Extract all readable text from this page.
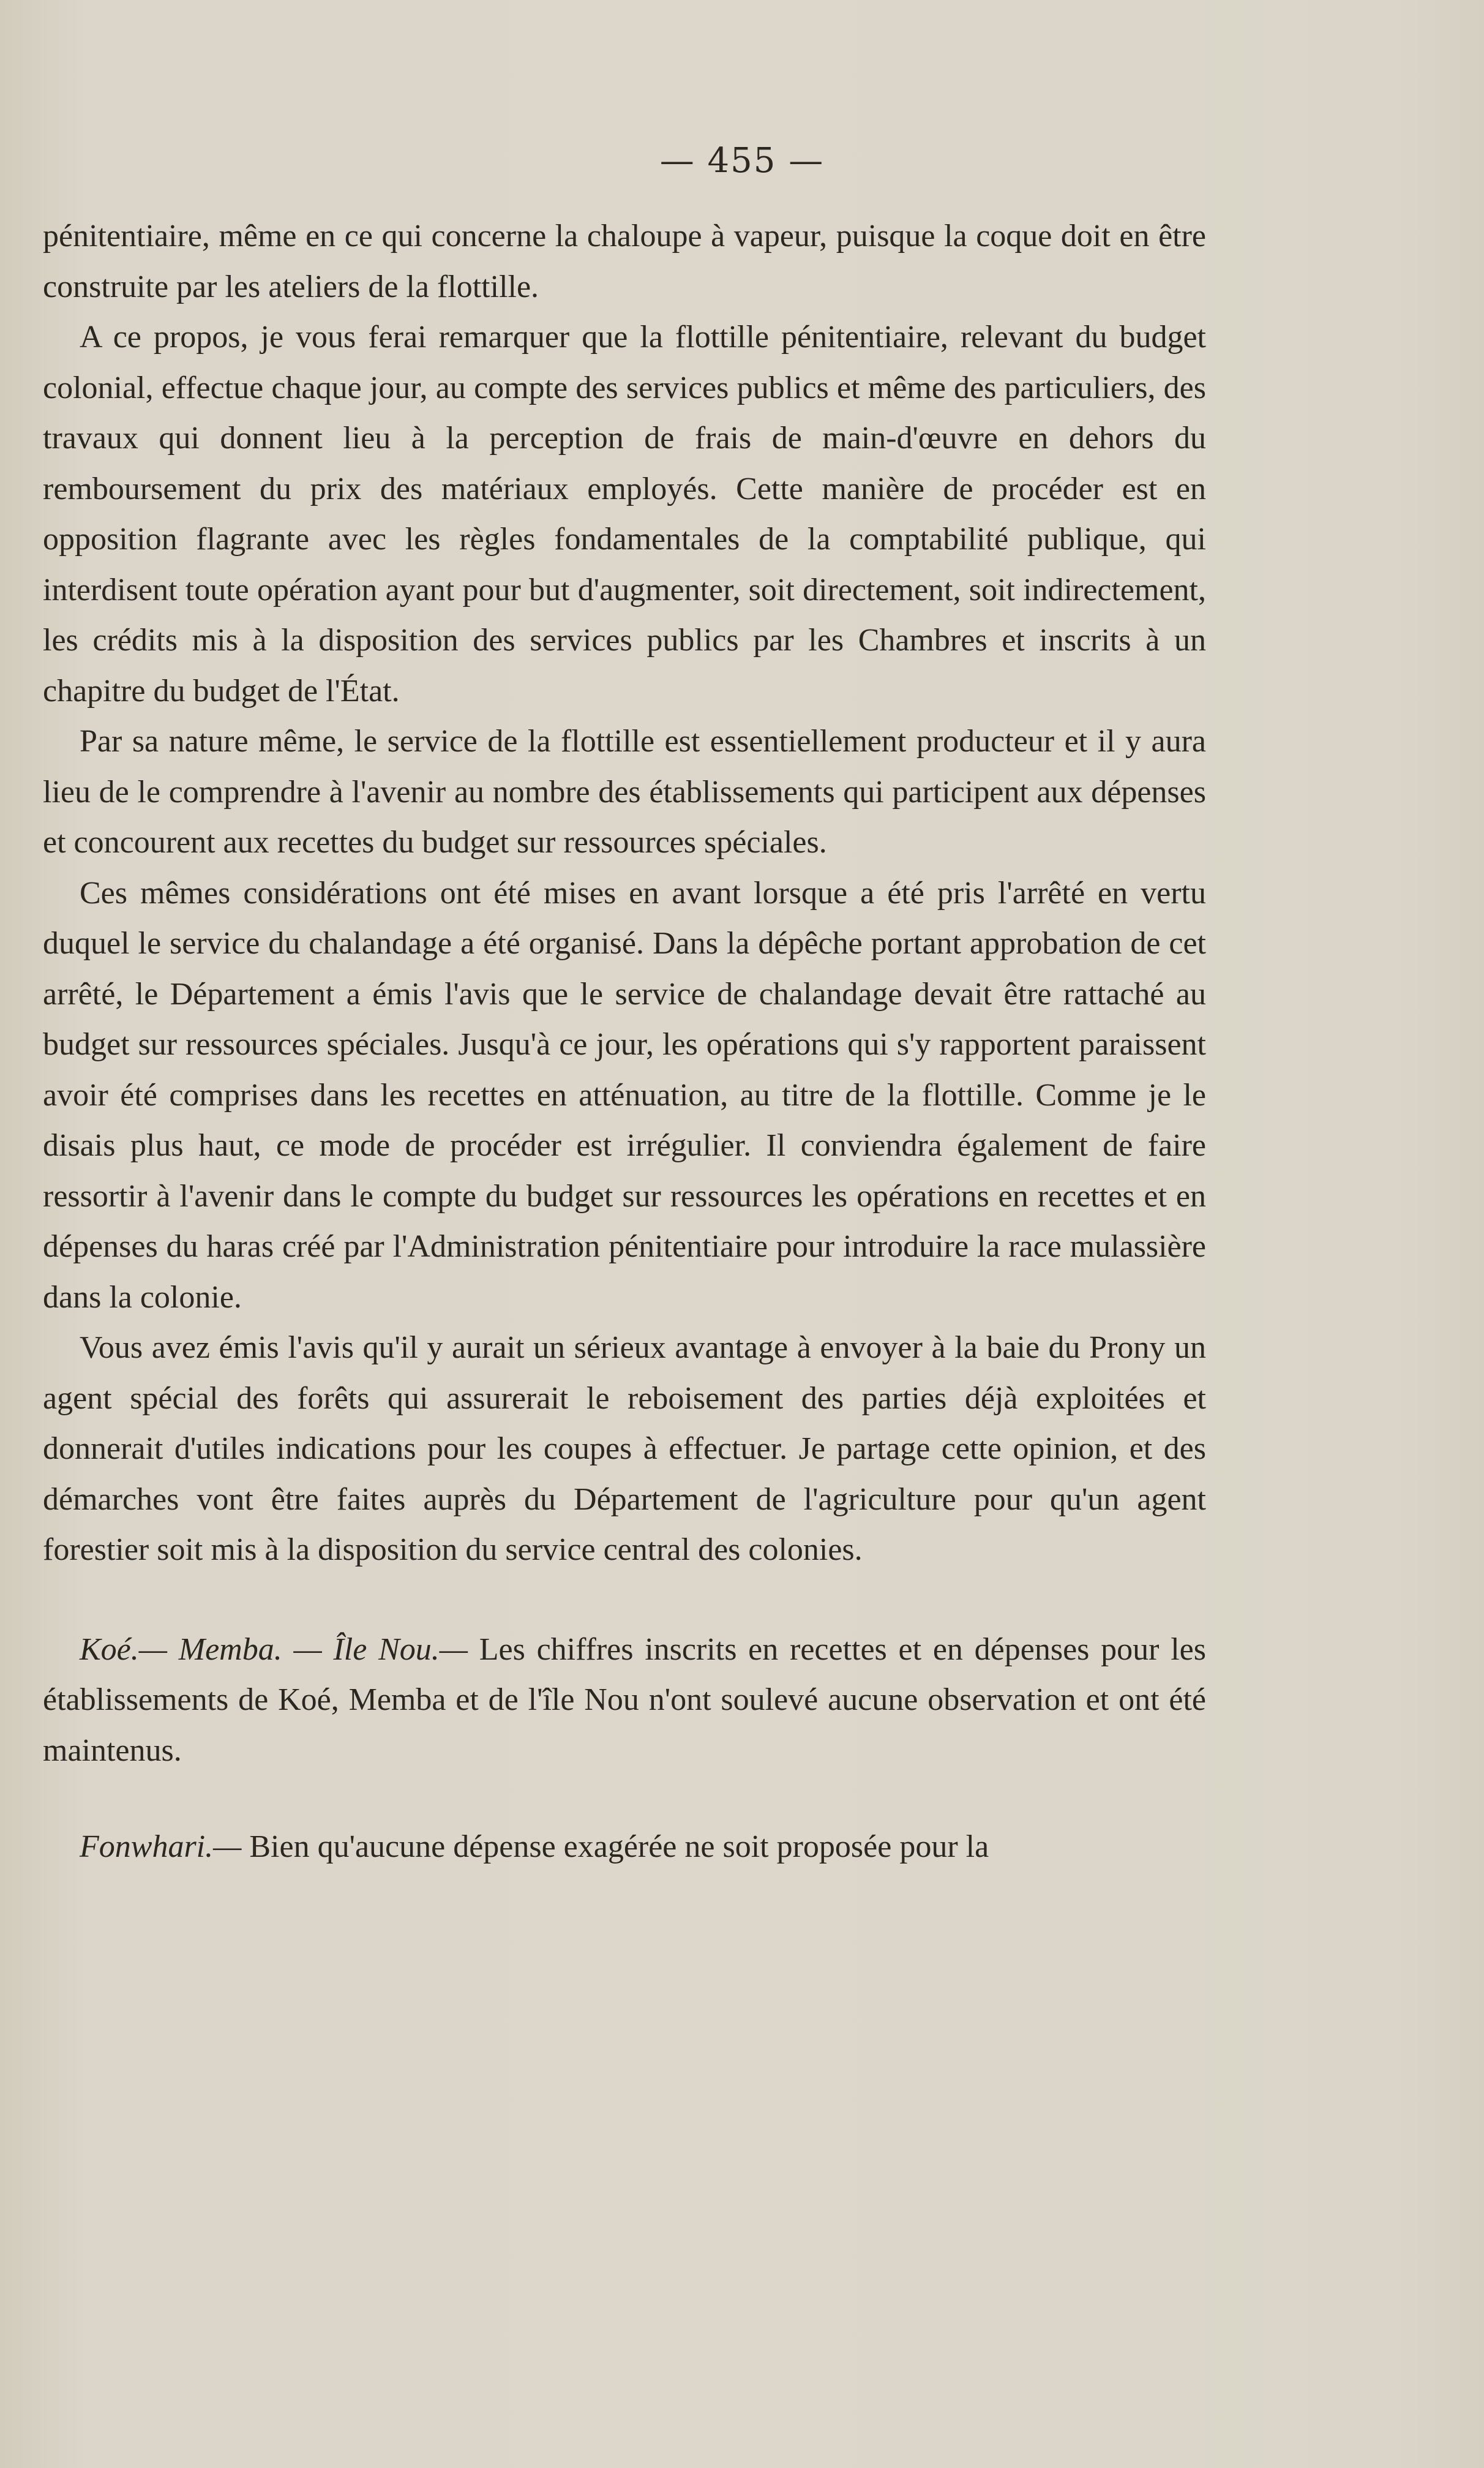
— 455 —

pénitentiaire, même en ce qui concerne la chaloupe à vapeur, puisque la coque doit en être construite par les ateliers de la flottille.

A ce propos, je vous ferai remarquer que la flottille pénitentiaire, relevant du budget colonial, effectue chaque jour, au compte des services publics et même des particuliers, des travaux qui donnent lieu à la perception de frais de main-d'œuvre en dehors du remboursement du prix des matériaux employés. Cette manière de procéder est en opposition flagrante avec les règles fondamentales de la comptabilité publique, qui interdisent toute opération ayant pour but d'augmenter, soit directement, soit indirectement, les crédits mis à la disposition des services publics par les Chambres et inscrits à un chapitre du budget de l'État.

Par sa nature même, le service de la flottille est essentiellement producteur et il y aura lieu de le comprendre à l'avenir au nombre des établissements qui participent aux dépenses et concourent aux recettes du budget sur ressources spéciales.

Ces mêmes considérations ont été mises en avant lorsque a été pris l'arrêté en vertu duquel le service du chalandage a été organisé. Dans la dépêche portant approbation de cet arrêté, le Département a émis l'avis que le service de chalandage devait être rattaché au budget sur ressources spéciales. Jusqu'à ce jour, les opérations qui s'y rapportent paraissent avoir été comprises dans les recettes en atténuation, au titre de la flottille. Comme je le disais plus haut, ce mode de procéder est irrégulier. Il conviendra également de faire ressortir à l'avenir dans le compte du budget sur ressources les opérations en recettes et en dépenses du haras créé par l'Administration pénitentiaire pour introduire la race mulassière dans la colonie.

Vous avez émis l'avis qu'il y aurait un sérieux avantage à envoyer à la baie du Prony un agent spécial des forêts qui assurerait le reboisement des parties déjà exploitées et donnerait d'utiles indications pour les coupes à effectuer. Je partage cette opinion, et des démarches vont être faites auprès du Département de l'agriculture pour qu'un agent forestier soit mis à la disposition du service central des colonies.

Koé.— Memba. — Île Nou.— Les chiffres inscrits en recettes et en dépenses pour les établissements de Koé, Memba et de l'île Nou n'ont soulevé aucune observation et ont été maintenus.

Fonwhari.— Bien qu'aucune dépense exagérée ne soit proposée pour la
